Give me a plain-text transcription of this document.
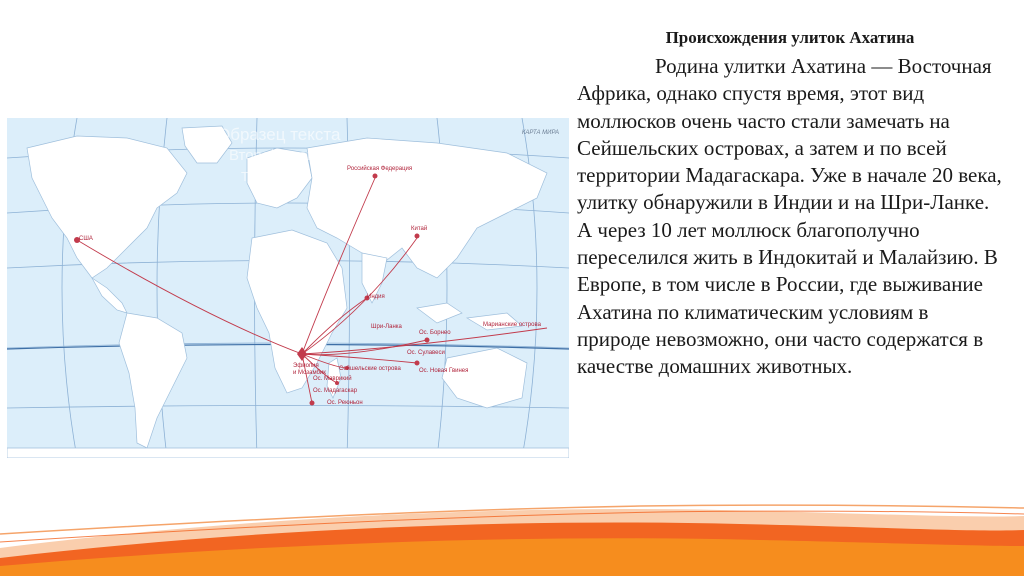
КАРТА МИРА
Образец текста
Второй уровень
Тр
США
Российская Федерация
Китай
Индия
Шри-Ланка	Марианские острова
Эфиопия
и Мозамбик
Сейшельские острова
Ос. Маврикий
Ос. Мадагаскар
Ос. Реюньон
Ос. Борнео
Ос. Сулавеси
Ос. Новая Гвинея
Происхождения улиток Ахатина
Родина улитки Ахатина — Восточная Африка, однако спустя время, этот вид моллюсков очень часто стали замечать на Сейшельских островах, а затем и по всей территории Мадагаскара. Уже в начале 20 века, улитку обнаружили в Индии и на Шри-Ланке. А через 10 лет моллюск благополучно переселился жить в Индокитай и Малайзию. В Европе, в том числе в России, где выживание Ахатина по климатическим условиям в природе невозможно, они часто содержатся в качестве домашних животных.
